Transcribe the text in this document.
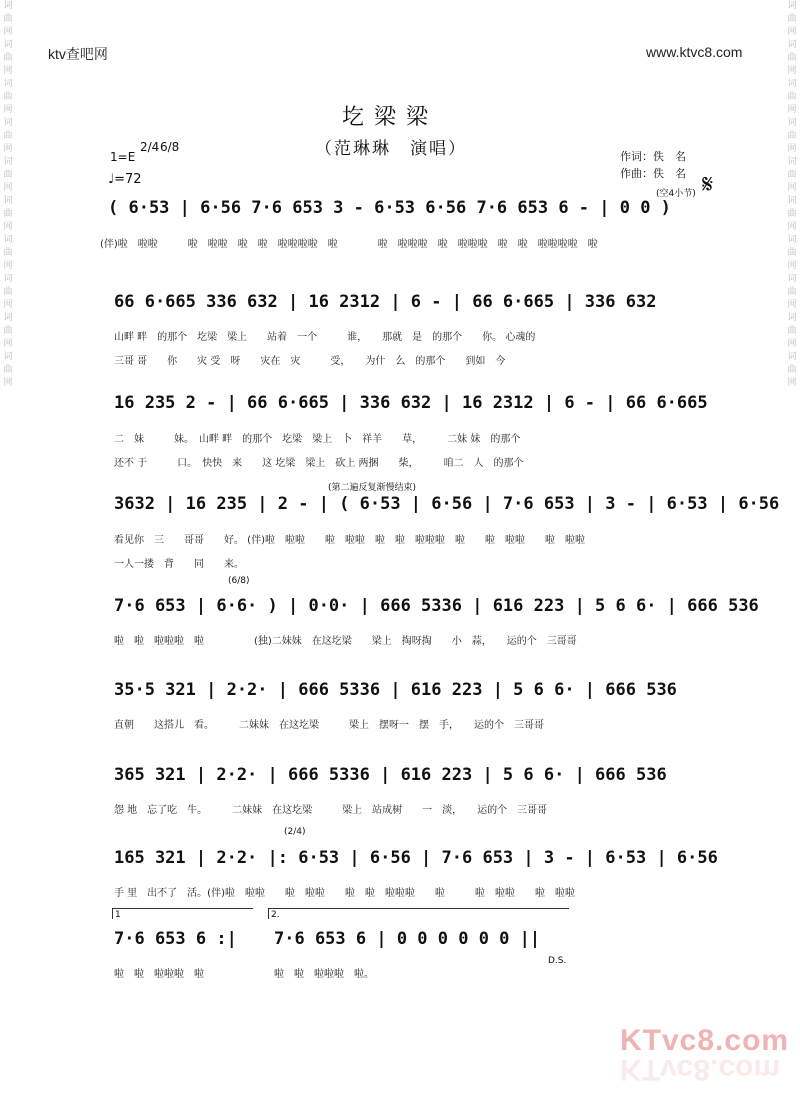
词曲网词曲网词曲网词曲网词曲网词曲网词曲网词曲网词曲网词曲网
词曲网词曲网词曲网词曲网词曲网词曲网词曲网词曲网词曲网词曲网
ktv查吧网	www.ktvc8.com
圪梁梁
（范琳琳　演唱）
1=E
2/4 6/8
♩=72
作词：佚　名
作曲：佚　名
(空4小节) 𝄋
( 6·53 | 6·56 7·6 653 3 - 6·53 6·56 7·6 653 6 - | 0 0 )
(伴)啦　啦啦　　　啦　啦啦　啦　啦　啦啦啦啦　啦　　　　啦　啦啦啦　啦　啦啦啦　啦　啦　啦啦啦啦　啦
66 6·665 336 632 | 16 2312 | 6 - | 66 6·665 | 336 632
山畔 畔　的那个　圪梁　梁上　　站着　一个　　　谁，　　那就　是　的那个　　你。 心魂的
三哥 哥　　你　　灾 受　呀　　灾在　灾　　　受，　　为什　么　的那个　　到如　今
16 235 2 - | 66 6·665 | 336 632 | 16 2312 | 6 - | 66 6·665
二　妹　　　妹。　山畔 畔　的那个　圪梁　梁上　卜　祥羊　　草，　　　二妹 妹　的那个
还不 于　　　口。　快快　来　　这 圪梁　梁上　砍上 两捆　　柴，　　　咱二　人　的那个
(第二遍反复渐慢结束)
3632 | 16 235 | 2 - | ( 6·53 | 6·56 | 7·6 653 | 3 - | 6·53 | 6·56
看见你　三　　哥哥　　好。 (伴)啦　啦啦　　啦　啦啦　啦　啦　啦啦啦　啦　　啦　啦啦　　啦　啦啦
一人一搂　背　　同　　来。
(6/8)
7·6 653 | 6·6· ) | 0·0· | 666 5336 | 616 223 | 5 6 6· | 666 536
啦　啦　啦啦啦　啦　　　　　(独)二妹妹　在这圪梁　　梁上　掏呀掏　　小　蒜，　　运的个　三哥哥
35·5 321 | 2·2· | 666 5336 | 616 223 | 5 6 6· | 666 536
直朝　　这搭儿　看。　　　二妹妹　在这圪梁　　　梁上　摆呀一　摆　手，　　运的个　三哥哥
365 321 | 2·2· | 666 5336 | 616 223 | 5 6 6· | 666 536
怨 地　忘了吃　牛。　　　二妹妹　在这圪梁　　　梁上　站成树　　一　淡，　　运的个　三哥哥
(2/4)
165 321 | 2·2· |: 6·53 | 6·56 | 7·6 653 | 3 - | 6·53 | 6·56
手 里　出不了　活。(伴)啦　啦啦　　啦　啦啦　　啦　啦　啦啦啦　　啦　　　啦　啦啦　　啦　啦啦
1	2.
7·6 653 6 :| 7·6 653 6 | 0 0 0 0 0 0 ||
啦　啦　啦啦啦　啦	啦　啦　啦啦啦　啦。
D.S.
KTvc8.com
KTvc8.com
